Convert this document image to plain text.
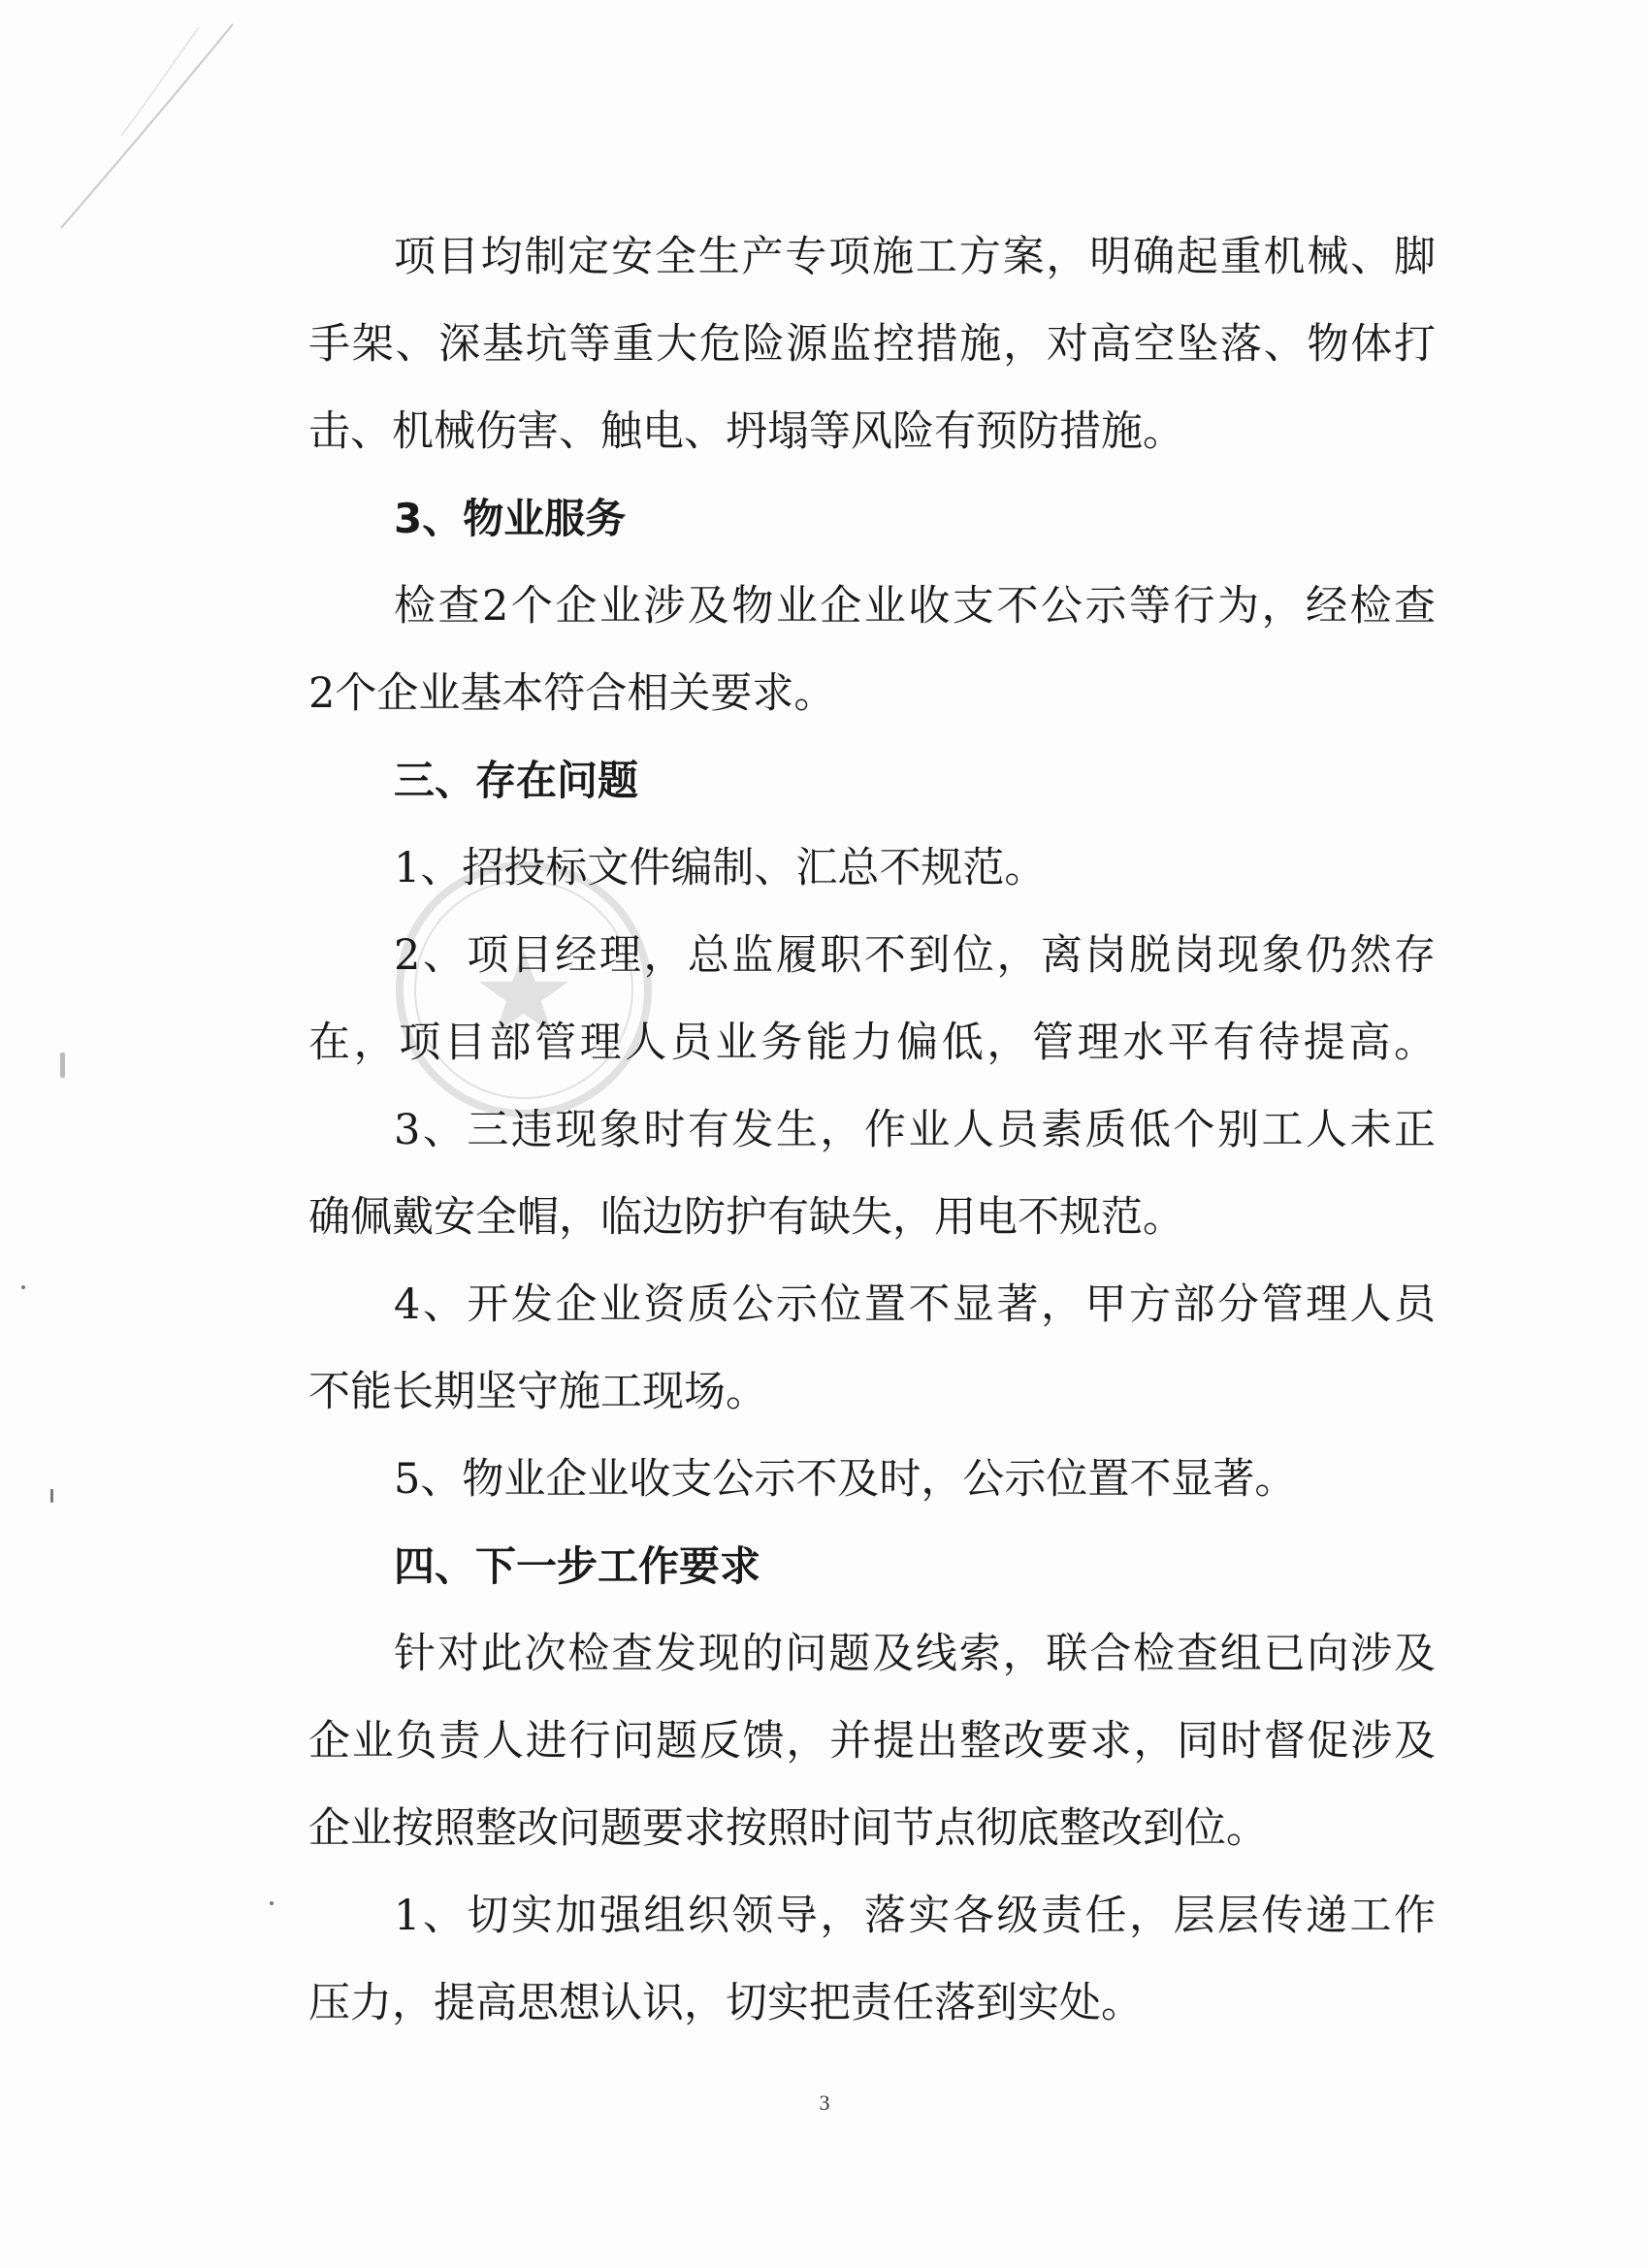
项目均制定安全生产专项施工方案，明确起重机械、脚

手架、深基坑等重大危险源监控措施，对高空坠落、物体打

击、机械伤害、触电、坍塌等风险有预防措施。

3、物业服务

检查2个企业涉及物业企业收支不公示等行为，经检查

2个企业基本符合相关要求。

三、存在问题

1、招投标文件编制、汇总不规范。

2、项目经理，总监履职不到位，离岗脱岗现象仍然存

在，项目部管理人员业务能力偏低，管理水平有待提高。

3、三违现象时有发生，作业人员素质低个别工人未正

确佩戴安全帽，临边防护有缺失，用电不规范。

4、开发企业资质公示位置不显著，甲方部分管理人员

不能长期坚守施工现场。

5、物业企业收支公示不及时，公示位置不显著。

四、下一步工作要求

针对此次检查发现的问题及线索，联合检查组已向涉及

企业负责人进行问题反馈，并提出整改要求，同时督促涉及

企业按照整改问题要求按照时间节点彻底整改到位。

1、切实加强组织领导，落实各级责任，层层传递工作

压力，提高思想认识，切实把责任落到实处。

3
